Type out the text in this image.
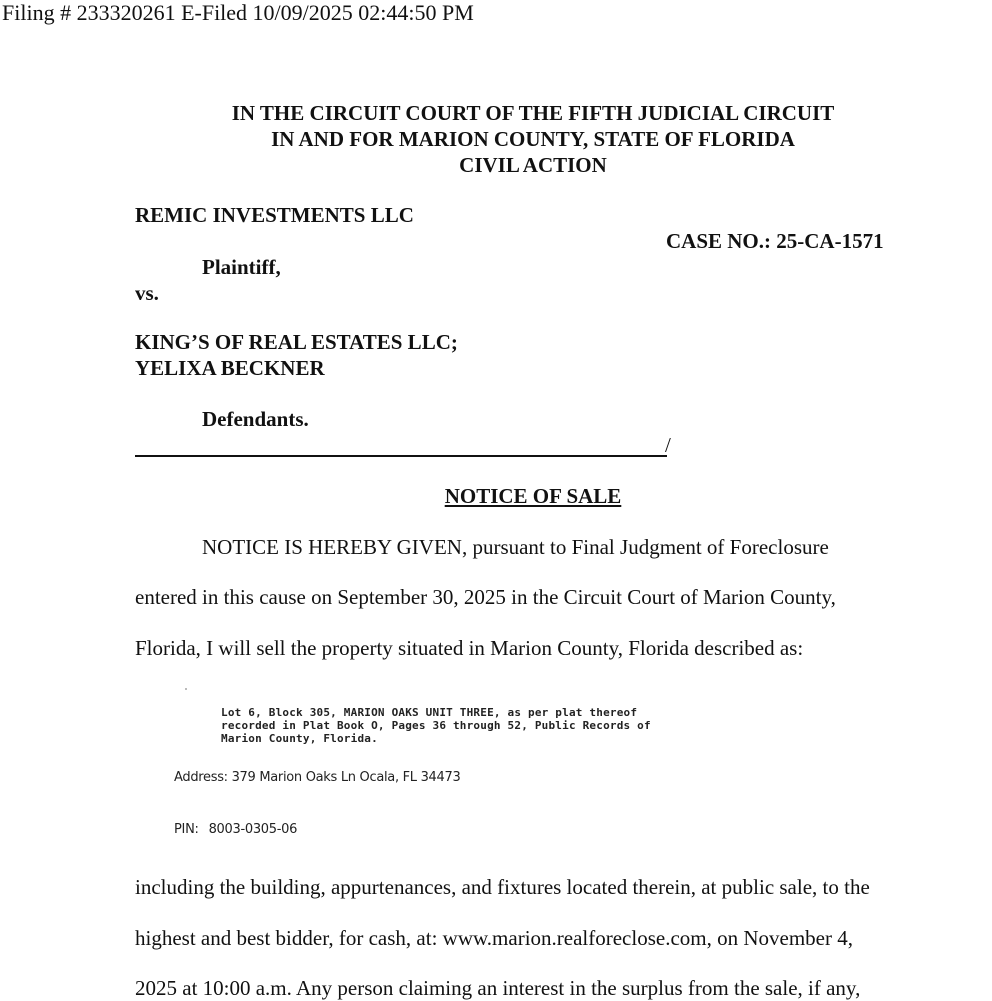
Filing # 233320261 E-Filed 10/09/2025 02:44:50 PM
IN THE CIRCUIT COURT OF THE FIFTH JUDICIAL CIRCUIT
IN AND FOR MARION COUNTY, STATE OF FLORIDA
CIVIL ACTION
REMIC INVESTMENTS LLC
CASE NO.: 25-CA-1571
Plaintiff,
vs.
KING’S OF REAL ESTATES LLC;
YELIXA BECKNER
Defendants.
/
NOTICE OF SALE
NOTICE IS HEREBY GIVEN, pursuant to Final Judgment of Foreclosure
entered in this cause on September 30, 2025 in the Circuit Court of Marion County,
Florida, I will sell the property situated in Marion County, Florida described as:
Lot 6, Block 305, MARION OAKS UNIT THREE, as per plat thereof
recorded in Plat Book O, Pages 36 through 52, Public Records of
Marion County, Florida.
Address: 379 Marion Oaks Ln Ocala, FL 34473
PIN: 8003-0305-06
including the building, appurtenances, and fixtures located therein, at public sale, to the
highest and best bidder, for cash, at: www.marion.realforeclose.com, on November 4,
2025 at 10:00 a.m. Any person claiming an interest in the surplus from the sale, if any,
